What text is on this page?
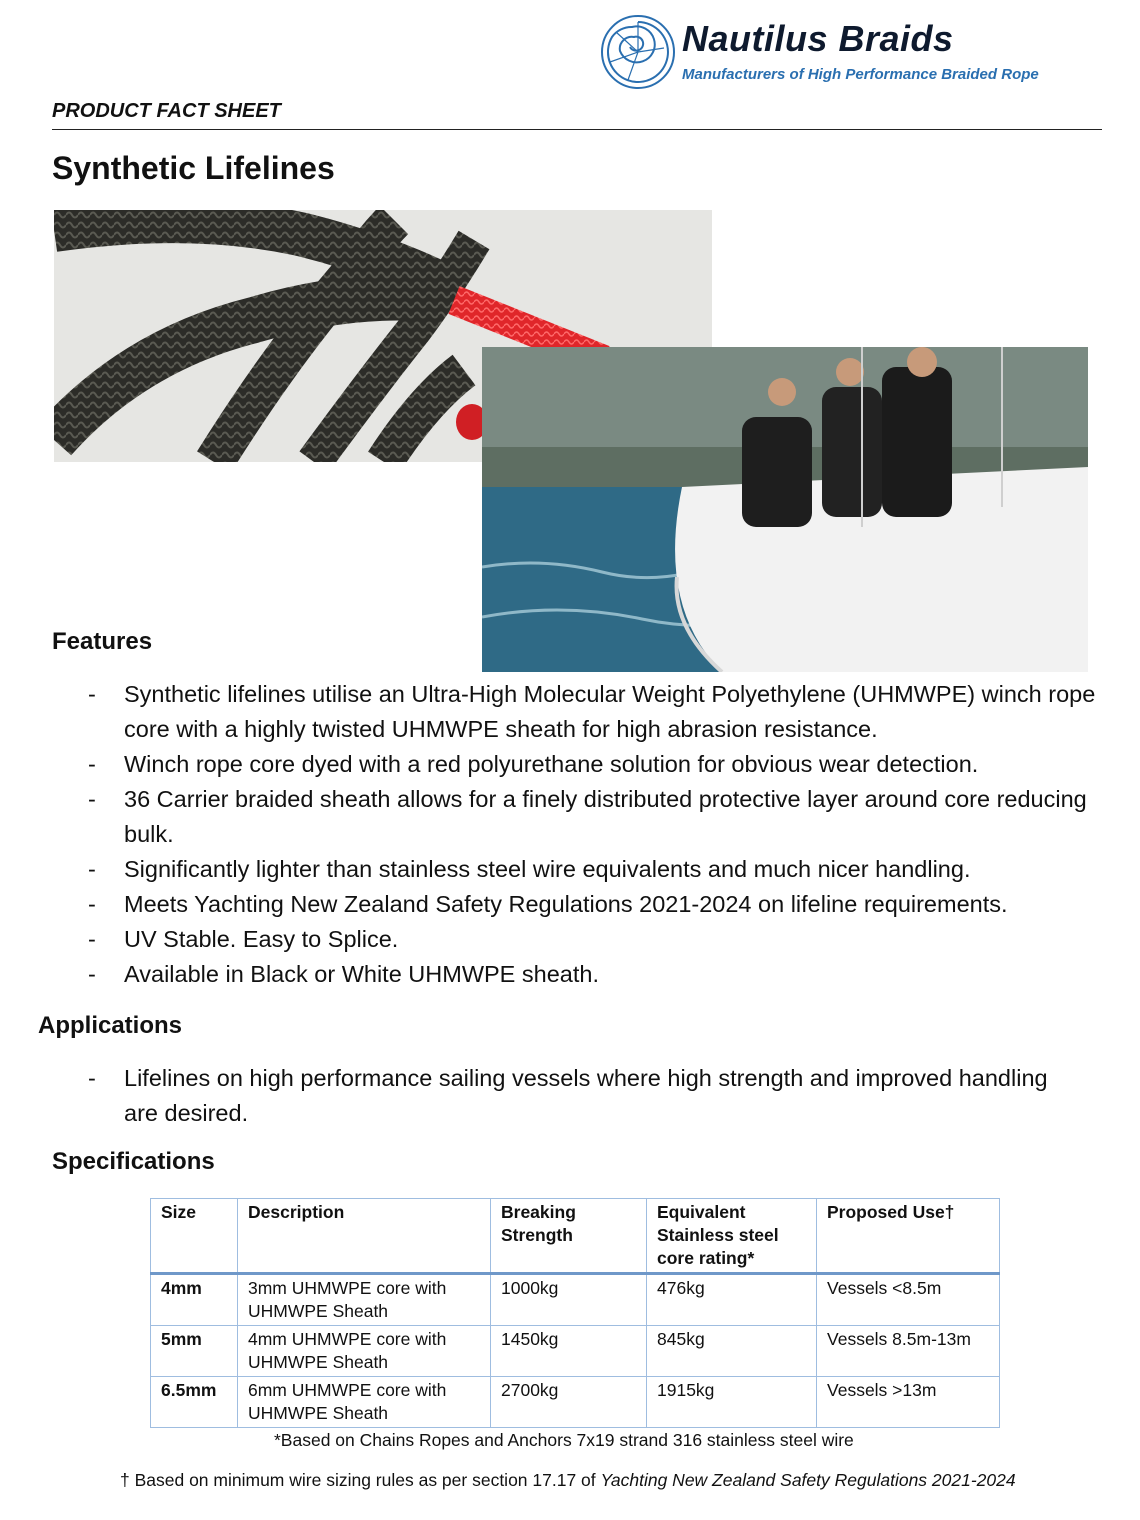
Nautilus Braids
Manufacturers of High Performance Braided Rope
PRODUCT FACT SHEET
Synthetic Lifelines
Features
- Synthetic lifelines utilise an Ultra-High Molecular Weight Polyethylene (UHMWPE) winch rope core with a highly twisted UHMWPE sheath for high abrasion resistance.
- Winch rope core dyed with a red polyurethane solution for obvious wear detection.
- 36 Carrier braided sheath allows for a finely distributed protective layer around core reducing bulk.
- Significantly lighter than stainless steel wire equivalents and much nicer handling.
- Meets Yachting New Zealand Safety Regulations 2021-2024 on lifeline requirements.
- UV Stable. Easy to Splice.
- Available in Black or White UHMWPE sheath.
Applications
- Lifelines on high performance sailing vessels where high strength and improved handling are desired.
Specifications
Size	Description	Breaking Strength	Equivalent Stainless steel core rating*	Proposed Use†
4mm	3mm UHMWPE core with UHMWPE Sheath	1000kg	476kg	Vessels <8.5m
5mm	4mm UHMWPE core with UHMWPE Sheath	1450kg	845kg	Vessels 8.5m-13m
6.5mm	6mm UHMWPE core with UHMWPE Sheath	2700kg	1915kg	Vessels >13m
*Based on Chains Ropes and Anchors 7x19 strand 316 stainless steel wire
† Based on minimum wire sizing rules as per section 17.17 of Yachting New Zealand Safety Regulations 2021-2024
